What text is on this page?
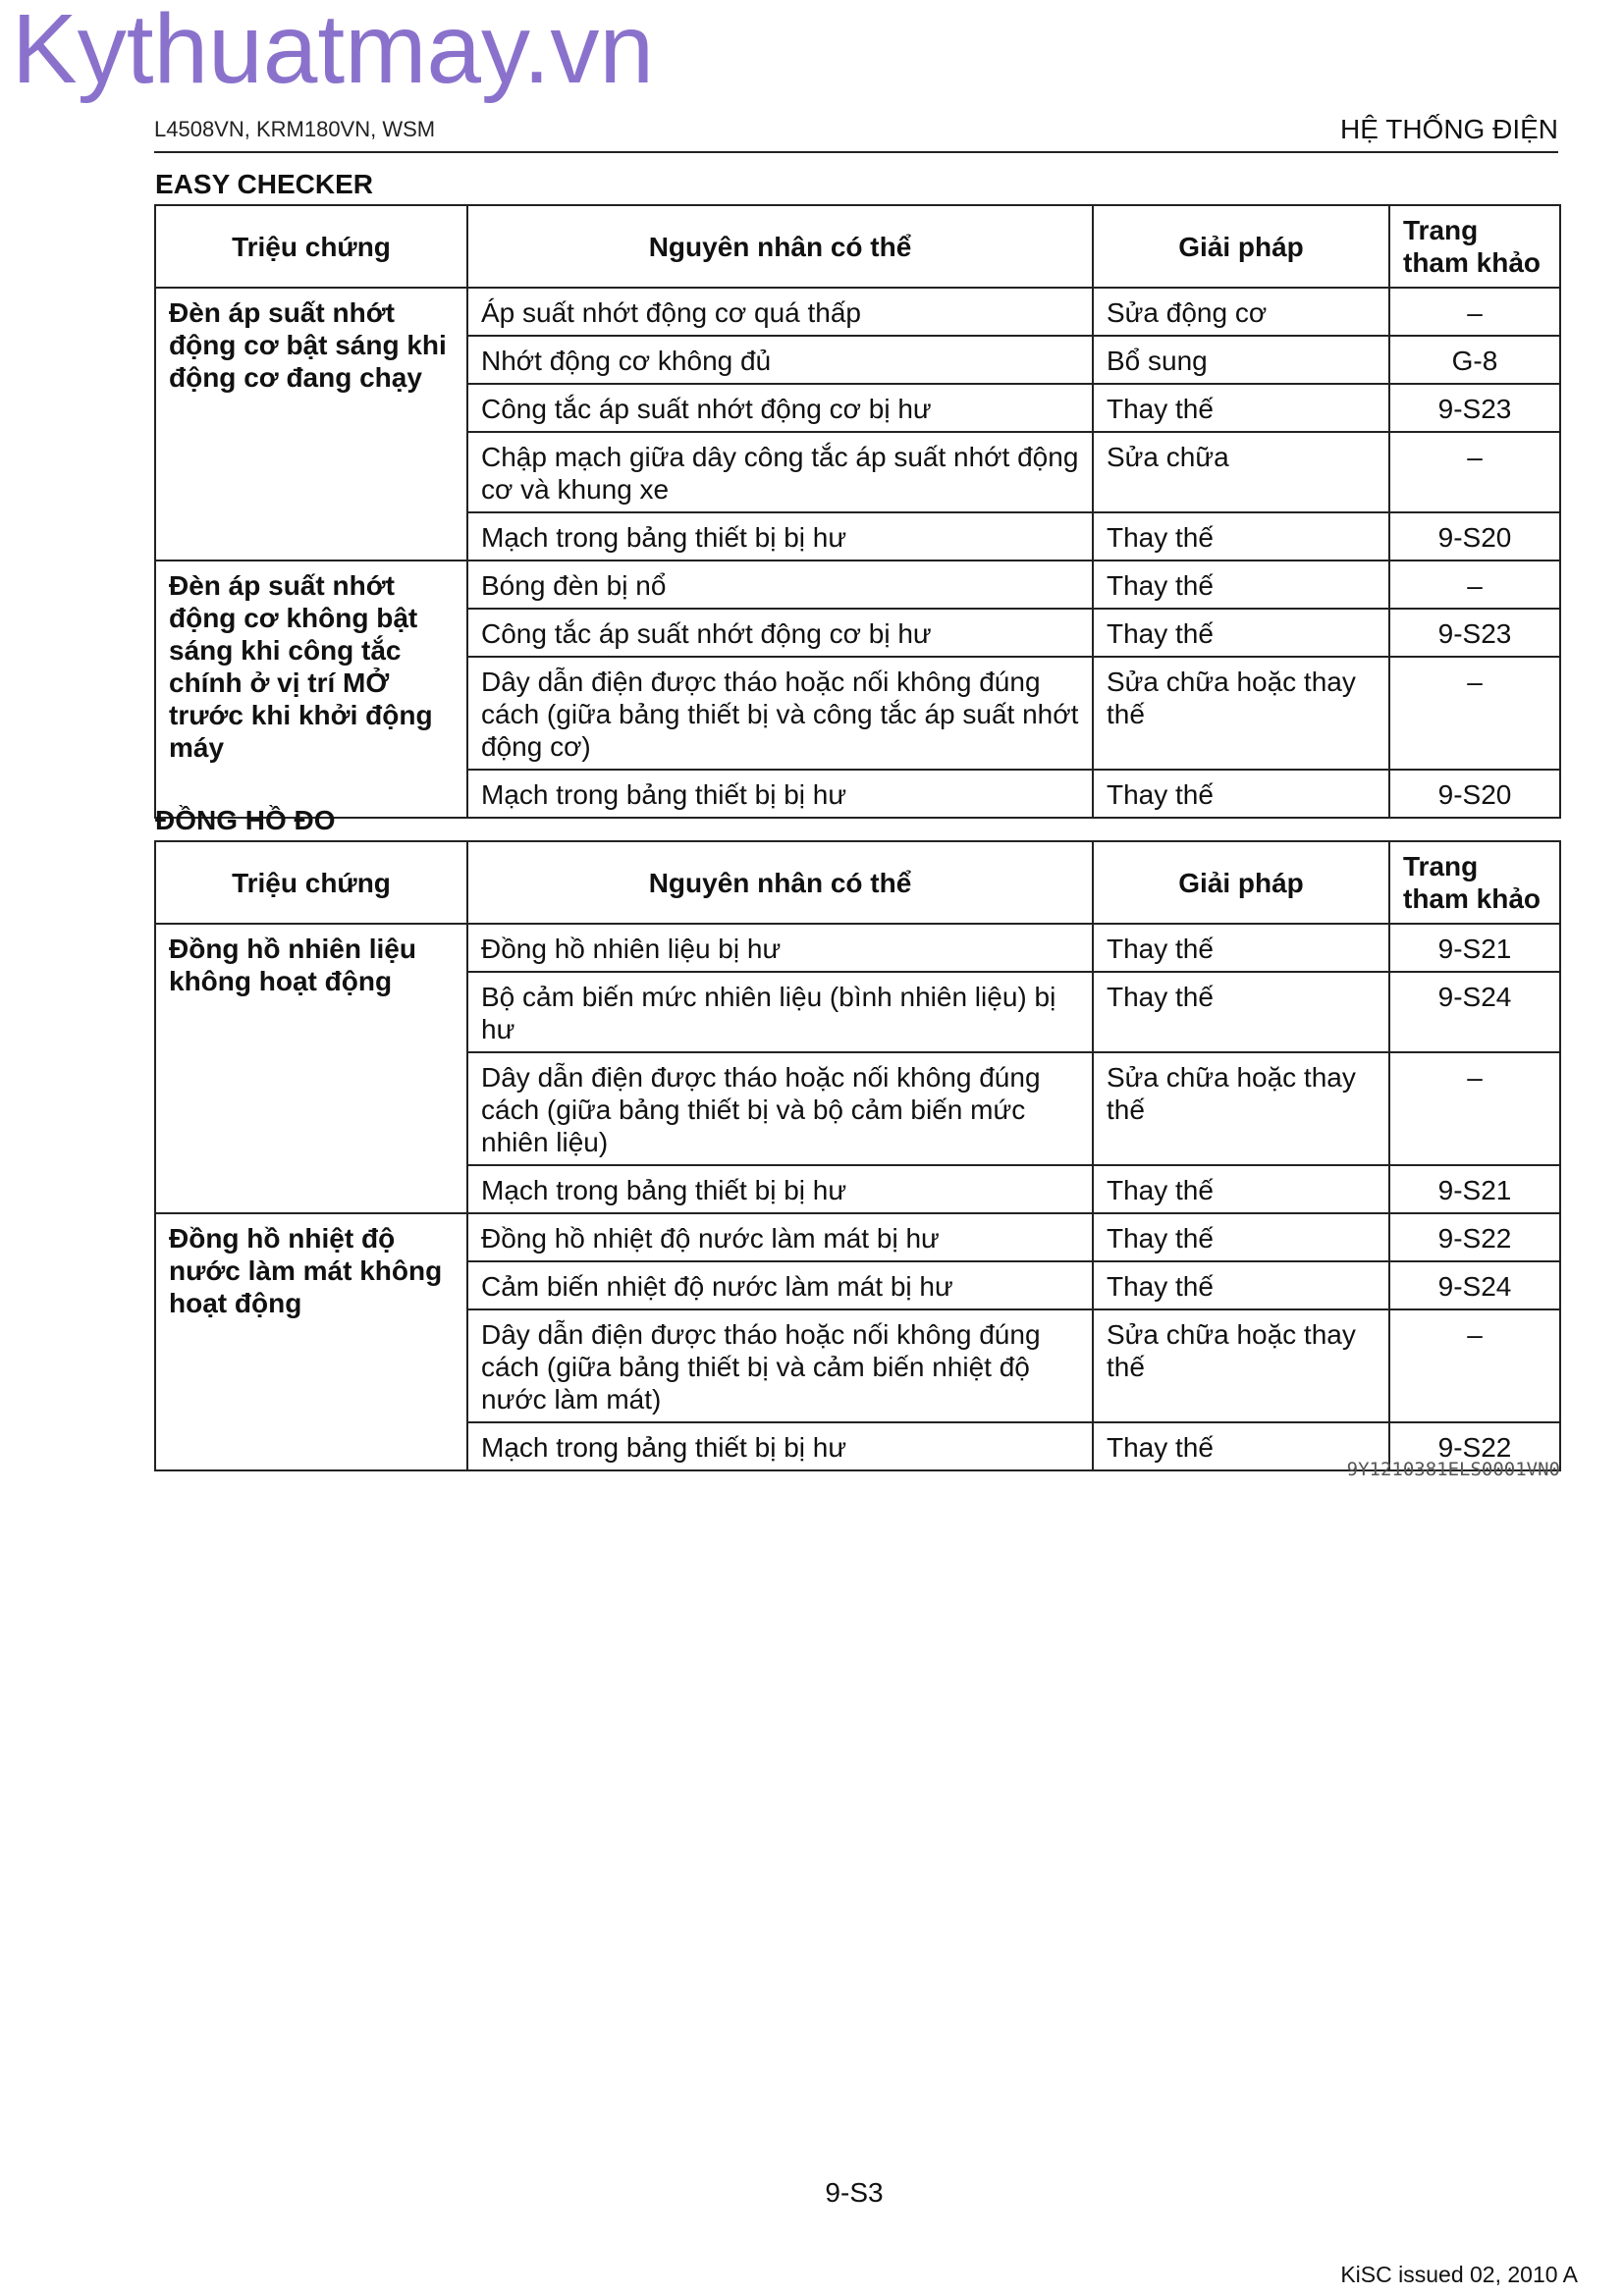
Kythuatmay.vn
L4508VN, KRM180VN, WSM	HỆ THỐNG ĐIỆN
EASY CHECKER
Triệu chứng	Nguyên nhân có thể	Giải pháp	Trang tham khảo
Đèn áp suất nhớt động cơ bật sáng khi động cơ đang chạy	Áp suất nhớt động cơ quá thấp	Sửa động cơ	–
	Nhớt động cơ không đủ	Bổ sung	G-8
	Công tắc áp suất nhớt động cơ bị hư	Thay thế	9-S23
	Chập mạch giữa dây công tắc áp suất nhớt động cơ và khung xe	Sửa chữa	–
	Mạch trong bảng thiết bị bị hư	Thay thế	9-S20
Đèn áp suất nhớt động cơ không bật sáng khi công tắc chính ở vị trí MỞ trước khi khởi động máy	Bóng đèn bị nổ	Thay thế	–
	Công tắc áp suất nhớt động cơ bị hư	Thay thế	9-S23
	Dây dẫn điện được tháo hoặc nối không đúng cách (giữa bảng thiết bị và công tắc áp suất nhớt động cơ)	Sửa chữa hoặc thay thế	–
	Mạch trong bảng thiết bị bị hư	Thay thế	9-S20
ĐỒNG HỒ ĐO
Triệu chứng	Nguyên nhân có thể	Giải pháp	Trang tham khảo
Đồng hồ nhiên liệu không hoạt động	Đồng hồ nhiên liệu bị hư	Thay thế	9-S21
	Bộ cảm biến mức nhiên liệu (bình nhiên liệu) bị hư	Thay thế	9-S24
	Dây dẫn điện được tháo hoặc nối không đúng cách (giữa bảng thiết bị và bộ cảm biến mức nhiên liệu)	Sửa chữa hoặc thay thế	–
	Mạch trong bảng thiết bị bị hư	Thay thế	9-S21
Đồng hồ nhiệt độ nước làm mát không hoạt động	Đồng hồ nhiệt độ nước làm mát bị hư	Thay thế	9-S22
	Cảm biến nhiệt độ nước làm mát bị hư	Thay thế	9-S24
	Dây dẫn điện được tháo hoặc nối không đúng cách (giữa bảng thiết bị và cảm biến nhiệt độ nước làm mát)	Sửa chữa hoặc thay thế	–
	Mạch trong bảng thiết bị bị hư	Thay thế	9-S22
9Y1210381ELS0001VN0
9-S3
KiSC issued 02, 2010 A
